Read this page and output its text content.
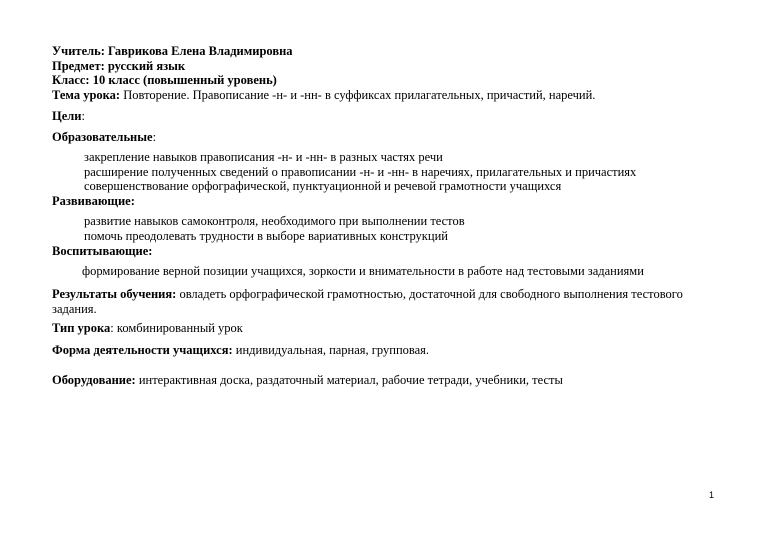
Учитель: Гаврикова Елена Владимировна
Предмет: русский язык
Класс: 10 класс (повышенный уровень)
Тема урока: Повторение. Правописание -н- и -нн- в суффиксах прилагательных, причастий, наречий.
Цели:
Образовательные:
закрепление навыков правописания -н- и -нн- в разных частях речи
расширение полученных сведений о правописании -н- и -нн- в наречиях, прилагательных и причастиях
совершенствование орфографической, пунктуационной и речевой грамотности учащихся
Развивающие:
развитие навыков самоконтроля, необходимого при выполнении тестов
помочь преодолевать трудности в выборе вариативных конструкций
Воспитывающие:
формирование верной позиции учащихся, зоркости и внимательности в работе над тестовыми заданиями
Результаты обучения: овладеть орфографической грамотностью, достаточной для свободного выполнения тестового задания.
Тип урока: комбинированный урок
Форма деятельности учащихся: индивидуальная, парная, групповая.
Оборудование: интерактивная доска, раздаточный материал, рабочие тетради, учебники, тесты
1
